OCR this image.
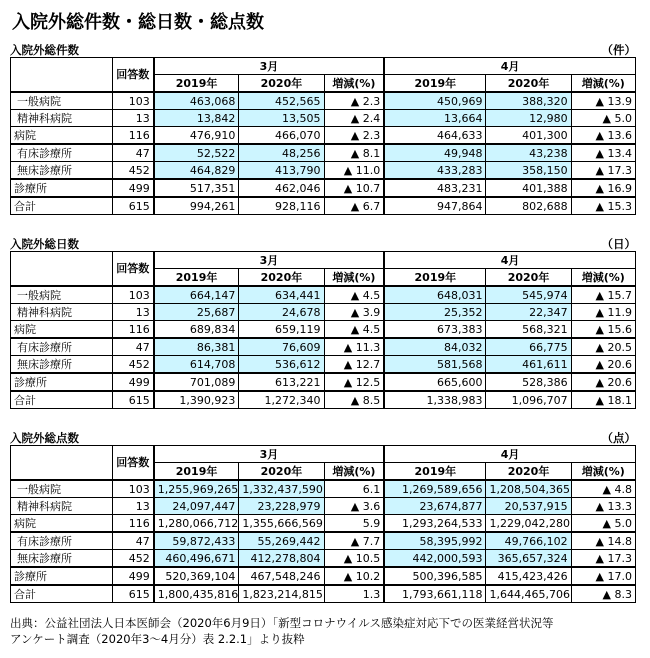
入院外総件数・総日数・総点数
入院外総件数	（件）
	回答数	3月			4月		
		2019年	2020年	増減(%)	2019年	2020年	増減(%)
一般病院	103	463,068	452,565	▲ 2.3	450,969	388,320	▲ 13.9
精神科病院	13	13,842	13,505	▲ 2.4	13,664	12,980	▲ 5.0
病院	116	476,910	466,070	▲ 2.3	464,633	401,300	▲ 13.6
有床診療所	47	52,522	48,256	▲ 8.1	49,948	43,238	▲ 13.4
無床診療所	452	464,829	413,790	▲ 11.0	433,283	358,150	▲ 17.3
診療所	499	517,351	462,046	▲ 10.7	483,231	401,388	▲ 16.9
合計	615	994,261	928,116	▲ 6.7	947,864	802,688	▲ 15.3
入院外総日数	（日）
	回答数	3月			4月		
		2019年	2020年	増減(%)	2019年	2020年	増減(%)
一般病院	103	664,147	634,441	▲ 4.5	648,031	545,974	▲ 15.7
精神科病院	13	25,687	24,678	▲ 3.9	25,352	22,347	▲ 11.9
病院	116	689,834	659,119	▲ 4.5	673,383	568,321	▲ 15.6
有床診療所	47	86,381	76,609	▲ 11.3	84,032	66,775	▲ 20.5
無床診療所	452	614,708	536,612	▲ 12.7	581,568	461,611	▲ 20.6
診療所	499	701,089	613,221	▲ 12.5	665,600	528,386	▲ 20.6
合計	615	1,390,923	1,272,340	▲ 8.5	1,338,983	1,096,707	▲ 18.1
入院外総点数	（点）
	回答数	3月			4月		
		2019年	2020年	増減(%)	2019年	2020年	増減(%)
一般病院	103	1,255,969,265	1,332,437,590	6.1	1,269,589,656	1,208,504,365	▲ 4.8
精神科病院	13	24,097,447	23,228,979	▲ 3.6	23,674,877	20,537,915	▲ 13.3
病院	116	1,280,066,712	1,355,666,569	5.9	1,293,264,533	1,229,042,280	▲ 5.0
有床診療所	47	59,872,433	55,269,442	▲ 7.7	58,395,992	49,766,102	▲ 14.8
無床診療所	452	460,496,671	412,278,804	▲ 10.5	442,000,593	365,657,324	▲ 17.3
診療所	499	520,369,104	467,548,246	▲ 10.2	500,396,585	415,423,426	▲ 17.0
合計	615	1,800,435,816	1,823,214,815	1.3	1,793,661,118	1,644,465,706	▲ 8.3
出典：公益社団法人日本医師会（2020年6月9日）「新型コロナウイルス感染症対応下での医業経営状況等
アンケート調査（2020年3～4月分）表 2.2.1」より抜粋
